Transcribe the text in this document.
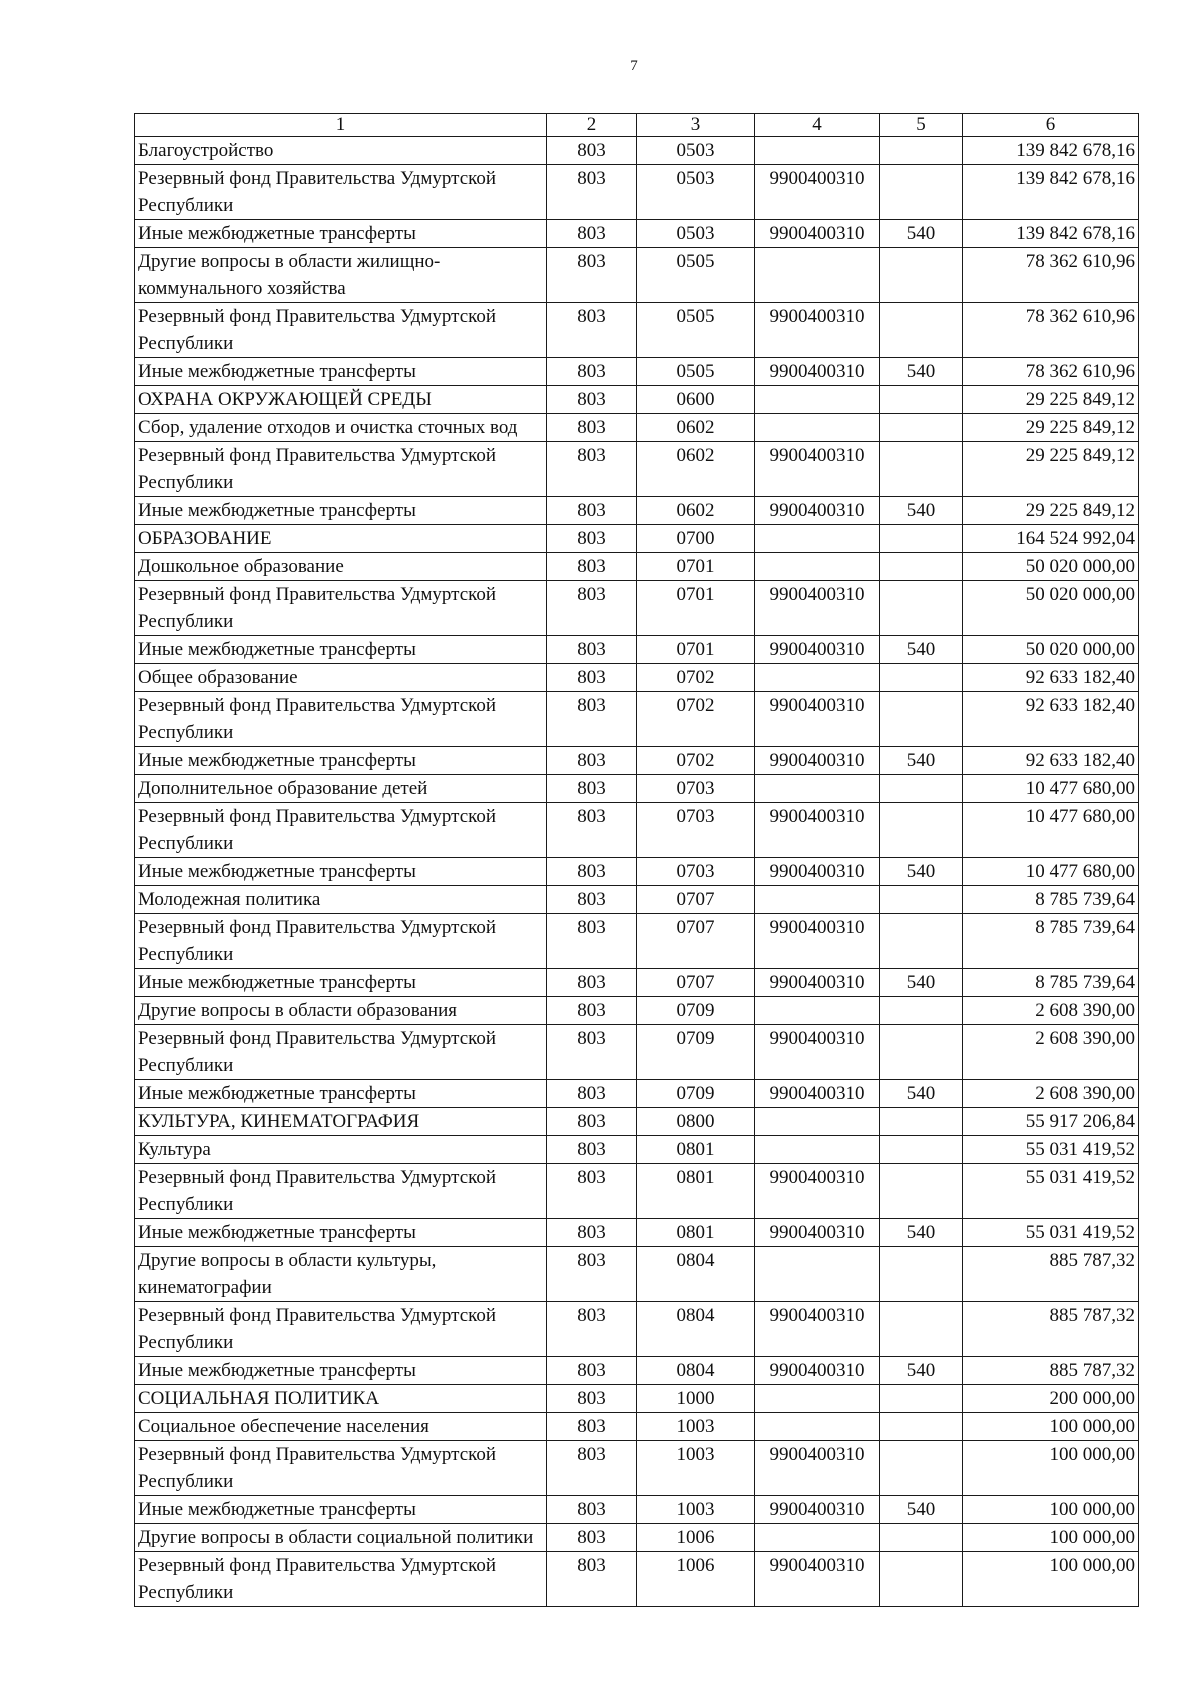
7
1	2	3	4	5	6
Благоустройство	803	0503			139 842 678,16
Резервный фонд Правительства Удмуртской Республики	803	0503	9900400310		139 842 678,16
Иные межбюджетные трансферты	803	0503	9900400310	540	139 842 678,16
Другие вопросы в области жилищно-коммунального хозяйства	803	0505			78 362 610,96
Резервный фонд Правительства Удмуртской Республики	803	0505	9900400310		78 362 610,96
Иные межбюджетные трансферты	803	0505	9900400310	540	78 362 610,96
ОХРАНА ОКРУЖАЮЩЕЙ СРЕДЫ	803	0600			29 225 849,12
Сбор, удаление отходов и очистка сточных вод	803	0602			29 225 849,12
Резервный фонд Правительства Удмуртской Республики	803	0602	9900400310		29 225 849,12
Иные межбюджетные трансферты	803	0602	9900400310	540	29 225 849,12
ОБРАЗОВАНИЕ	803	0700			164 524 992,04
Дошкольное образование	803	0701			50 020 000,00
Резервный фонд Правительства Удмуртской Республики	803	0701	9900400310		50 020 000,00
Иные межбюджетные трансферты	803	0701	9900400310	540	50 020 000,00
Общее образование	803	0702			92 633 182,40
Резервный фонд Правительства Удмуртской Республики	803	0702	9900400310		92 633 182,40
Иные межбюджетные трансферты	803	0702	9900400310	540	92 633 182,40
Дополнительное образование детей	803	0703			10 477 680,00
Резервный фонд Правительства Удмуртской Республики	803	0703	9900400310		10 477 680,00
Иные межбюджетные трансферты	803	0703	9900400310	540	10 477 680,00
Молодежная политика	803	0707			8 785 739,64
Резервный фонд Правительства Удмуртской Республики	803	0707	9900400310		8 785 739,64
Иные межбюджетные трансферты	803	0707	9900400310	540	8 785 739,64
Другие вопросы в области образования	803	0709			2 608 390,00
Резервный фонд Правительства Удмуртской Республики	803	0709	9900400310		2 608 390,00
Иные межбюджетные трансферты	803	0709	9900400310	540	2 608 390,00
КУЛЬТУРА, КИНЕМАТОГРАФИЯ	803	0800			55 917 206,84
Культура	803	0801			55 031 419,52
Резервный фонд Правительства Удмуртской Республики	803	0801	9900400310		55 031 419,52
Иные межбюджетные трансферты	803	0801	9900400310	540	55 031 419,52
Другие вопросы в области культуры, кинематографии	803	0804			885 787,32
Резервный фонд Правительства Удмуртской Республики	803	0804	9900400310		885 787,32
Иные межбюджетные трансферты	803	0804	9900400310	540	885 787,32
СОЦИАЛЬНАЯ ПОЛИТИКА	803	1000			200 000,00
Социальное обеспечение населения	803	1003			100 000,00
Резервный фонд Правительства Удмуртской Республики	803	1003	9900400310		100 000,00
Иные межбюджетные трансферты	803	1003	9900400310	540	100 000,00
Другие вопросы в области социальной политики	803	1006			100 000,00
Резервный фонд Правительства Удмуртской Республики	803	1006	9900400310		100 000,00
